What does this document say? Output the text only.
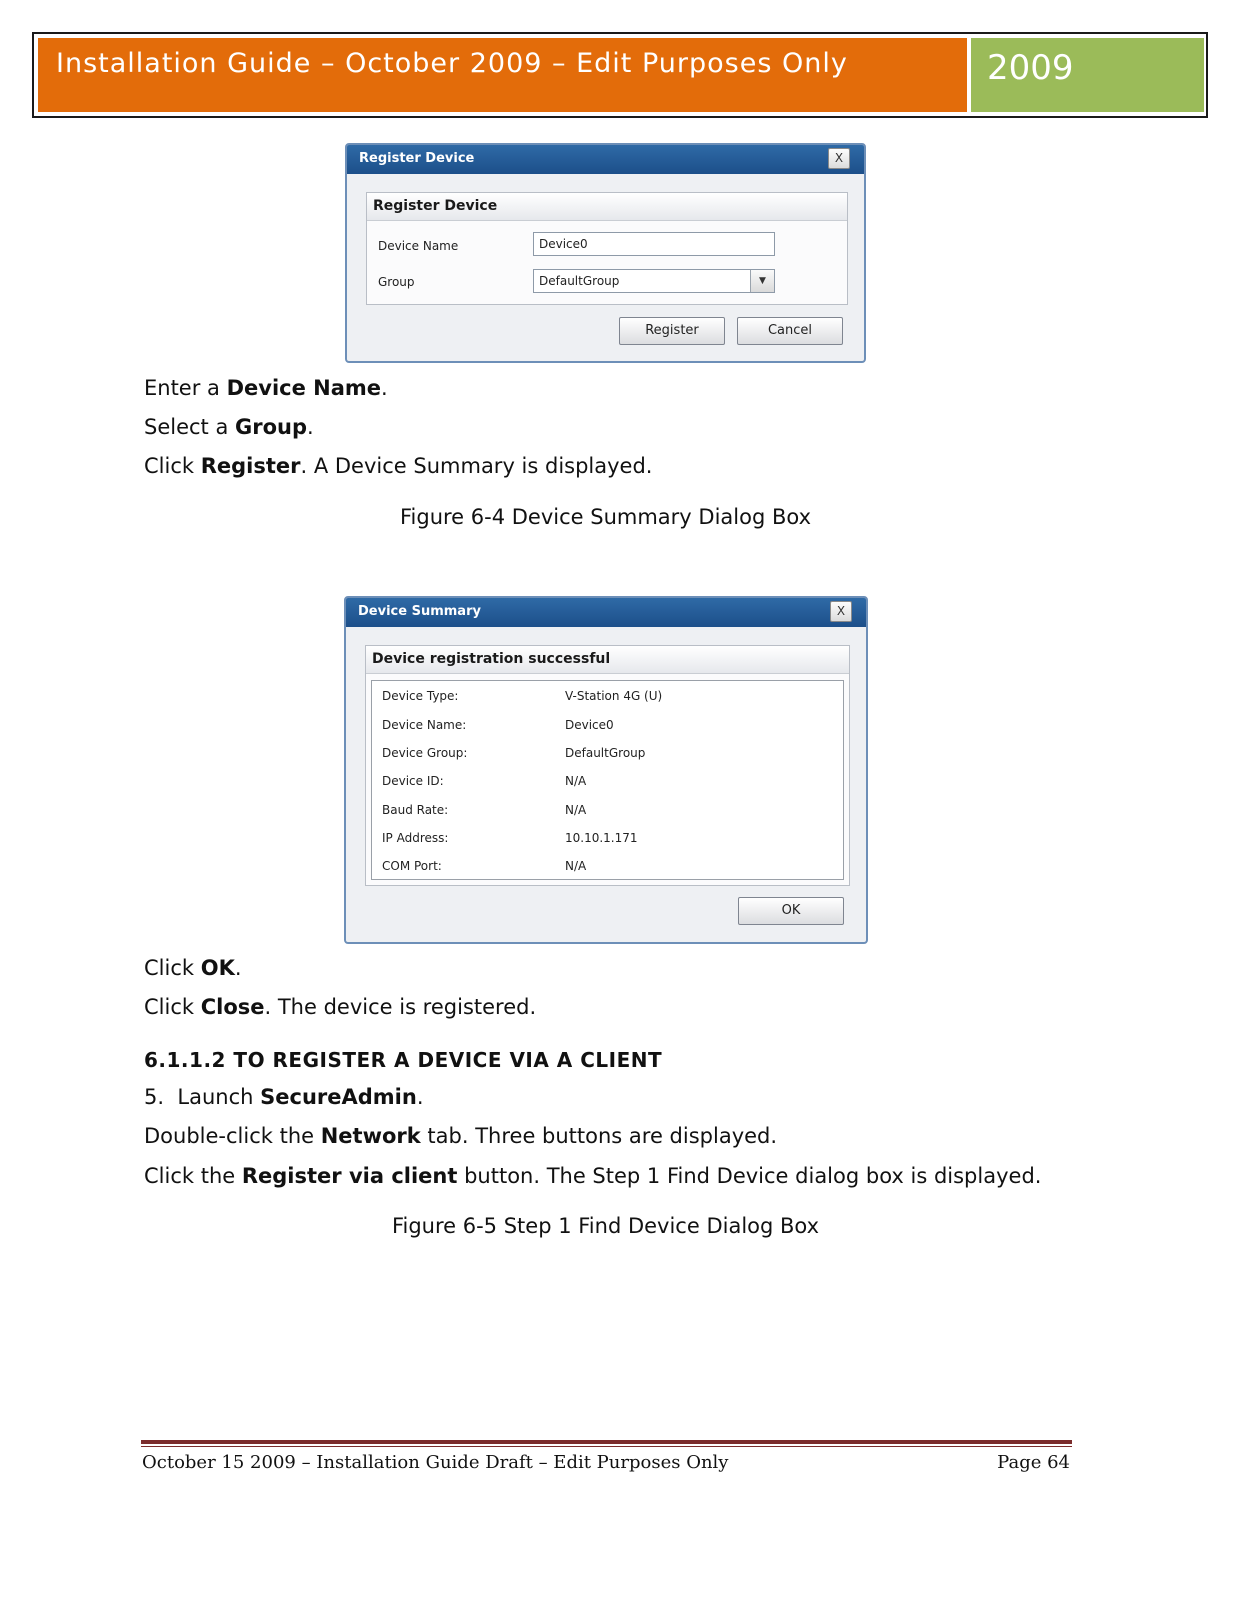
Installation Guide – October 2009 – Edit Purposes Only	2009
Register Device	X
Register Device
Device Name	Device0
Group	DefaultGroup	▼
Register	Cancel
Enter a Device Name.
Select a Group.
Click Register. A Device Summary is displayed.
Figure 6-4 Device Summary Dialog Box
Device Summary	X
Device registration successful
Device Type:	V-Station 4G (U)
Device Name:	Device0
Device Group:	DefaultGroup
Device ID:	N/A
Baud Rate:	N/A
IP Address:	10.10.1.171
COM Port:	N/A
OK
Click OK.
Click Close. The device is registered.
6.1.1.2 TO REGISTER A DEVICE VIA A CLIENT
5. Launch SecureAdmin.
Double-click the Network tab. Three buttons are displayed.
Click the Register via client button. The Step 1 Find Device dialog box is displayed.
Figure 6-5 Step 1 Find Device Dialog Box
October 15 2009 – Installation Guide Draft – Edit Purposes Only	Page 64
